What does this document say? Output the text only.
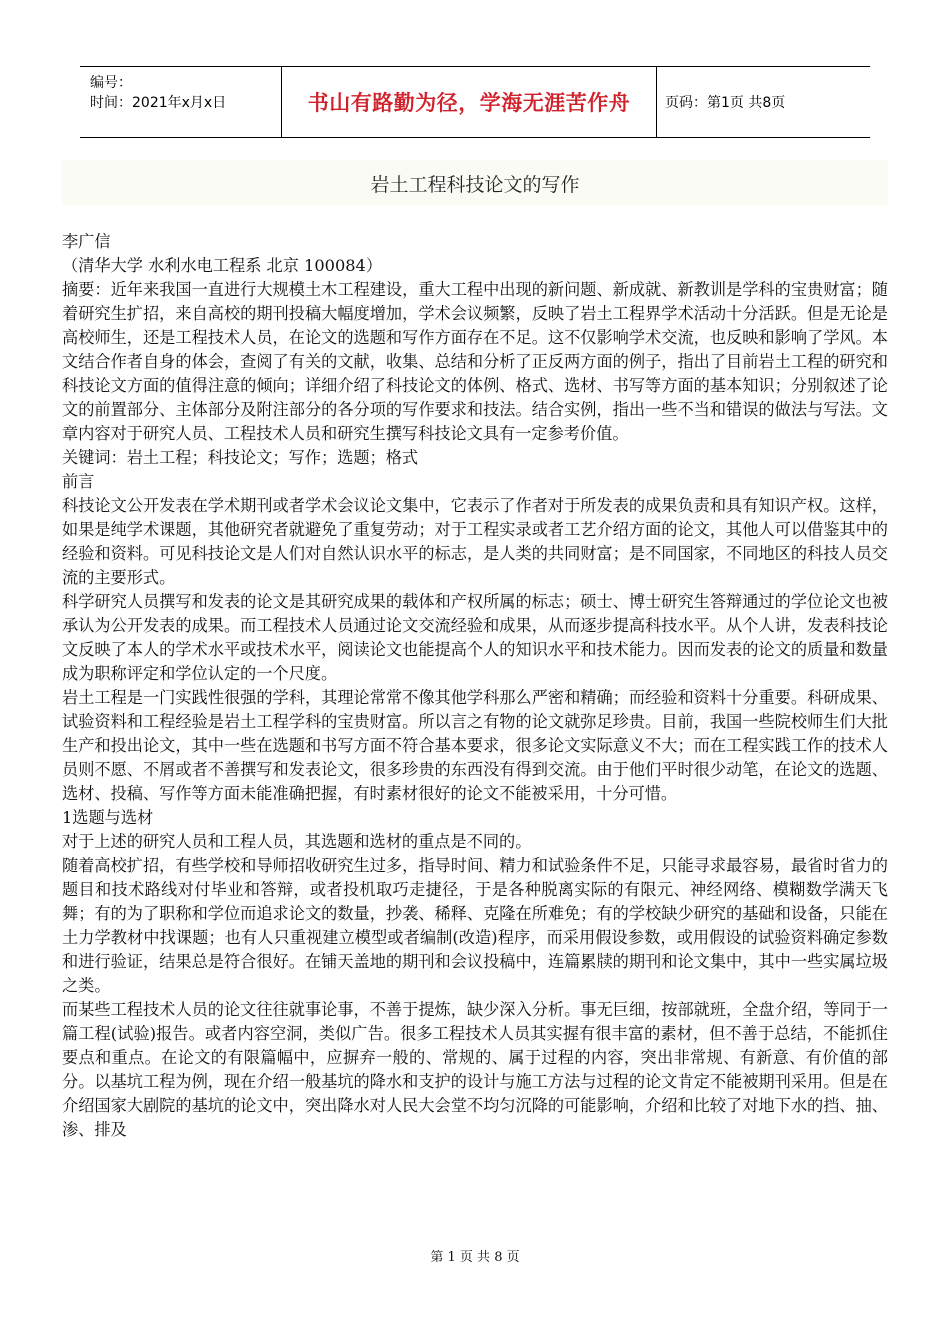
编号：
时间：2021年x月x日	书山有路勤为径，学海无涯苦作舟	页码：第1页 共8页
岩土工程科技论文的写作

李广信

（清华大学 水利水电工程系 北京 100084）

摘要：近年来我国一直进行大规模土木工程建设，重大工程中出现的新问题、新成就、新教训是学科的宝贵财富；随着研究生扩招，来自高校的期刊投稿大幅度增加，学术会议频繁，反映了岩土工程界学术活动十分活跃。但是无论是高校师生，还是工程技术人员，在论文的选题和写作方面存在不足。这不仅影响学术交流，也反映和影响了学风。本文结合作者自身的体会，查阅了有关的文献，收集、总结和分析了正反两方面的例子，指出了目前岩土工程的研究和科技论文方面的值得注意的倾向；详细介绍了科技论文的体例、格式、选材、书写等方面的基本知识；分别叙述了论文的前置部分、主体部分及附注部分的各分项的写作要求和技法。结合实例，指出一些不当和错误的做法与写法。文章内容对于研究人员、工程技术人员和研究生撰写科技论文具有一定参考价值。

关键词：岩土工程；科技论文；写作；选题；格式

前言

科技论文公开发表在学术期刊或者学术会议论文集中，它表示了作者对于所发表的成果负责和具有知识产权。这样，如果是纯学术课题，其他研究者就避免了重复劳动；对于工程实录或者工艺介绍方面的论文，其他人可以借鉴其中的经验和资料。可见科技论文是人们对自然认识水平的标志，是人类的共同财富；是不同国家，不同地区的科技人员交流的主要形式。

科学研究人员撰写和发表的论文是其研究成果的载体和产权所属的标志；硕士、博士研究生答辩通过的学位论文也被承认为公开发表的成果。而工程技术人员通过论文交流经验和成果，从而逐步提高科技水平。从个人讲，发表科技论文反映了本人的学术水平或技术水平，阅读论文也能提高个人的知识水平和技术能力。因而发表的论文的质量和数量成为职称评定和学位认定的一个尺度。

岩土工程是一门实践性很强的学科，其理论常常不像其他学科那么严密和精确；而经验和资料十分重要。科研成果、试验资料和工程经验是岩土工程学科的宝贵财富。所以言之有物的论文就弥足珍贵。目前，我国一些院校师生们大批生产和投出论文，其中一些在选题和书写方面不符合基本要求，很多论文实际意义不大；而在工程实践工作的技术人员则不愿、不屑或者不善撰写和发表论文，很多珍贵的东西没有得到交流。由于他们平时很少动笔，在论文的选题、选材、投稿、写作等方面未能准确把握，有时素材很好的论文不能被采用，十分可惜。

1选题与选材

对于上述的研究人员和工程人员，其选题和选材的重点是不同的。

随着高校扩招，有些学校和导师招收研究生过多，指导时间、精力和试验条件不足，只能寻求最容易，最省时省力的题目和技术路线对付毕业和答辩，或者投机取巧走捷径，于是各种脱离实际的有限元、神经网络、模糊数学满天飞舞；有的为了职称和学位而追求论文的数量，抄袭、稀释、克隆在所难免；有的学校缺少研究的基础和设备，只能在土力学教材中找课题；也有人只重视建立模型或者编制(改造)程序，而采用假设参数，或用假设的试验资料确定参数和进行验证，结果总是符合很好。在铺天盖地的期刊和会议投稿中，连篇累牍的期刊和论文集中，其中一些实属垃圾之类。

而某些工程技术人员的论文往往就事论事，不善于提炼，缺少深入分析。事无巨细，按部就班，全盘介绍，等同于一篇工程(试验)报告。或者内容空洞，类似广告。很多工程技术人员其实握有很丰富的素材，但不善于总结，不能抓住要点和重点。在论文的有限篇幅中，应摒弃一般的、常规的、属于过程的内容，突出非常规、有新意、有价值的部分。以基坑工程为例，现在介绍一般基坑的降水和支护的设计与施工方法与过程的论文肯定不能被期刊采用。但是在介绍国家大剧院的基坑的论文中，突出降水对人民大会堂不均匀沉降的可能影响，介绍和比较了对地下水的挡、抽、渗、排及

第 1 页 共 8 页
